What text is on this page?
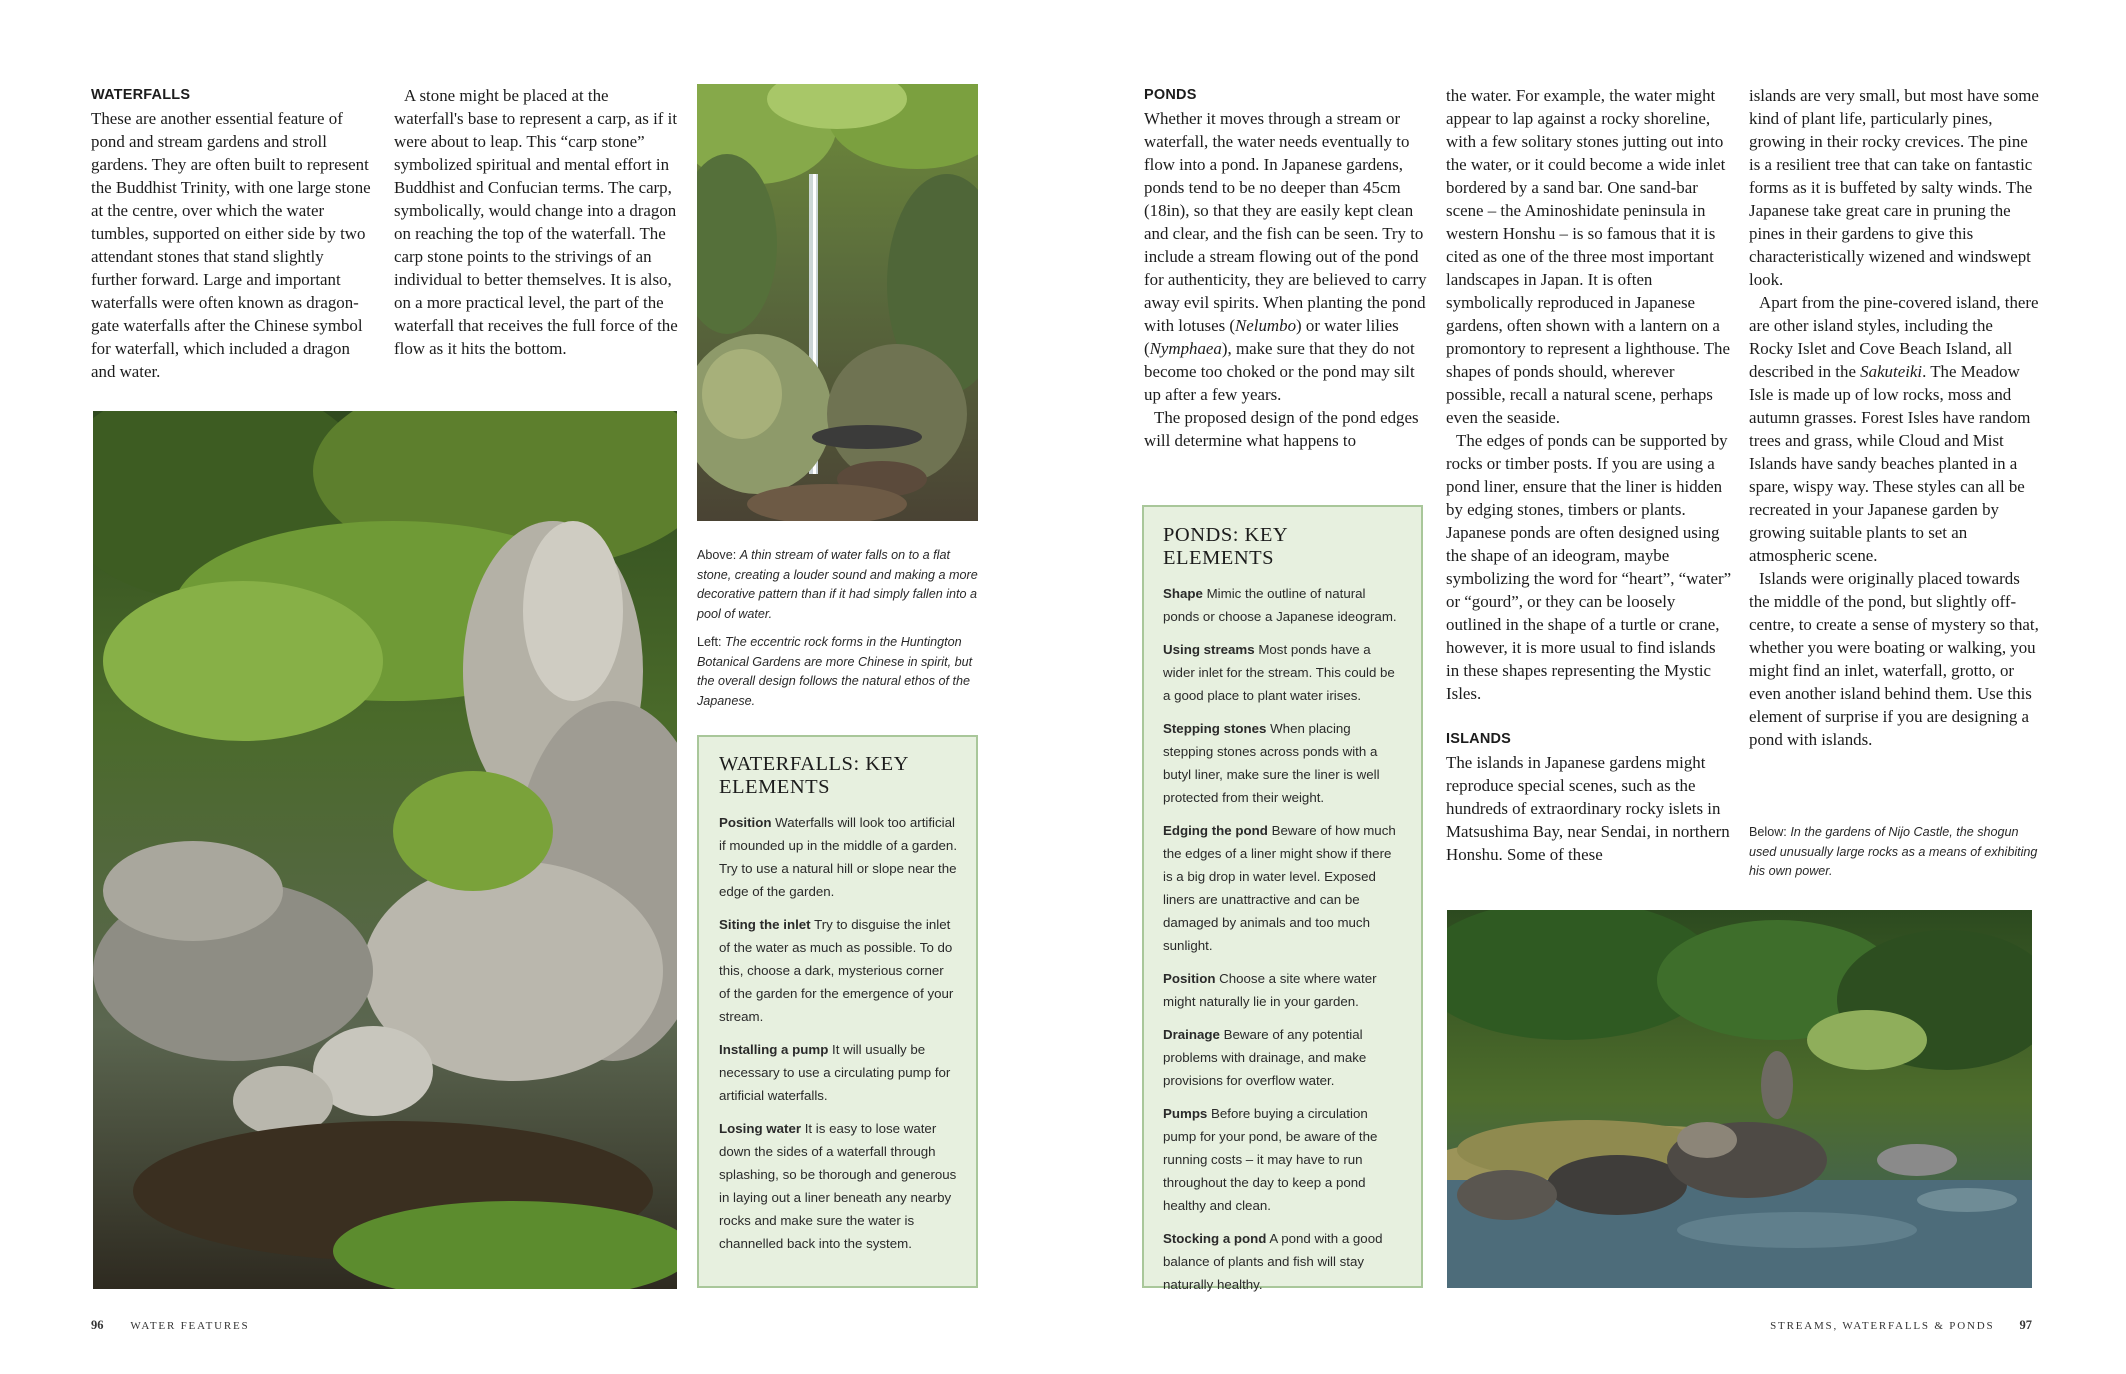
WATERFALLS

These are another essential feature of pond and stream gardens and stroll gardens. They are often built to represent the Buddhist Trinity, with one large stone at the centre, over which the water tumbles, supported on either side by two attendant stones that stand slightly further forward. Large and important waterfalls were often known as dragon-gate waterfalls after the Chinese symbol for waterfall, which included a dragon and water.

A stone might be placed at the waterfall's base to represent a carp, as if it were about to leap. This “carp stone” symbolized spiritual and mental effort in Buddhist and Confucian terms. The carp, symbolically, would change into a dragon on reaching the top of the waterfall. The carp stone points to the strivings of an individual to better themselves. It is also, on a more practical level, the part of the waterfall that receives the full force of the flow as it hits the bottom.

Above: A thin stream of water falls on to a flat stone, creating a louder sound and making a more decorative pattern than if it had simply fallen into a pool of water.

Left: The eccentric rock forms in the Huntington Botanical Gardens are more Chinese in spirit, but the overall design follows the natural ethos of the Japanese.

WATERFALLS: KEY
ELEMENTS
Position Waterfalls will look too artificial if mounded up in the middle of a garden. Try to use a natural hill or slope near the edge of the garden.
Siting the inlet Try to disguise the inlet of the water as much as possible. To do this, choose a dark, mysterious corner of the garden for the emergence of your stream.
Installing a pump It will usually be necessary to use a circulating pump for artificial waterfalls.
Losing water It is easy to lose water down the sides of a waterfall through splashing, so be thorough and generous in laying out a liner beneath any nearby rocks and make sure the water is channelled back into the system.
96 WATER FEATURES
PONDS

Whether it moves through a stream or waterfall, the water needs eventually to flow into a pond. In Japanese gardens, ponds tend to be no deeper than 45cm (18in), so that they are easily kept clean and clear, and the fish can be seen. Try to include a stream flowing out of the pond for authenticity, they are believed to carry away evil spirits. When planting the pond with lotuses (Nelumbo) or water lilies (Nymphaea), make sure that they do not become too choked or the pond may silt up after a few years.

The proposed design of the pond edges will determine what happens to

PONDS: KEY
ELEMENTS
Shape Mimic the outline of natural ponds or choose a Japanese ideogram.
Using streams Most ponds have a wider inlet for the stream. This could be a good place to plant water irises.
Stepping stones When placing stepping stones across ponds with a butyl liner, make sure the liner is well protected from their weight.
Edging the pond Beware of how much the edges of a liner might show if there is a big drop in water level. Exposed liners are unattractive and can be damaged by animals and too much sunlight.
Position Choose a site where water might naturally lie in your garden.
Drainage Beware of any potential problems with drainage, and make provisions for overflow water.
Pumps Before buying a circulation pump for your pond, be aware of the running costs – it may have to run throughout the day to keep a pond healthy and clean.
Stocking a pond A pond with a good balance of plants and fish will stay naturally healthy.

the water. For example, the water might appear to lap against a rocky shoreline, with a few solitary stones jutting out into the water, or it could become a wide inlet bordered by a sand bar. One sand-bar scene – the Aminoshidate peninsula in western Honshu – is so famous that it is cited as one of the three most important landscapes in Japan. It is often symbolically reproduced in Japanese gardens, often shown with a lantern on a promontory to represent a lighthouse. The shapes of ponds should, wherever possible, recall a natural scene, perhaps even the seaside.

The edges of ponds can be supported by rocks or timber posts. If you are using a pond liner, ensure that the liner is hidden by edging stones, timbers or plants. Japanese ponds are often designed using the shape of an ideogram, maybe symbolizing the word for “heart”, “water” or “gourd”, or they can be loosely outlined in the shape of a turtle or crane, however, it is more usual to find islands in these shapes representing the Mystic Isles.

ISLANDS

The islands in Japanese gardens might reproduce special scenes, such as the hundreds of extraordinary rocky islets in Matsushima Bay, near Sendai, in northern Honshu. Some of these

islands are very small, but most have some kind of plant life, particularly pines, growing in their rocky crevices. The pine is a resilient tree that can take on fantastic forms as it is buffeted by salty winds. The Japanese take great care in pruning the pines in their gardens to give this characteristically wizened and windswept look.

Apart from the pine-covered island, there are other island styles, including the Rocky Islet and Cove Beach Island, all described in the Sakuteiki. The Meadow Isle is made up of low rocks, moss and autumn grasses. Forest Isles have random trees and grass, while Cloud and Mist Islands have sandy beaches planted in a spare, wispy way. These styles can all be recreated in your Japanese garden by growing suitable plants to set an atmospheric scene.

Islands were originally placed towards the middle of the pond, but slightly off-centre, to create a sense of mystery so that, whether you were boating or walking, you might find an inlet, waterfall, grotto, or even another island behind them. Use this element of surprise if you are designing a pond with islands.

Below: In the gardens of Nijo Castle, the shogun used unusually large rocks as a means of exhibiting his own power.

STREAMS, WATERFALLS & PONDS 97
